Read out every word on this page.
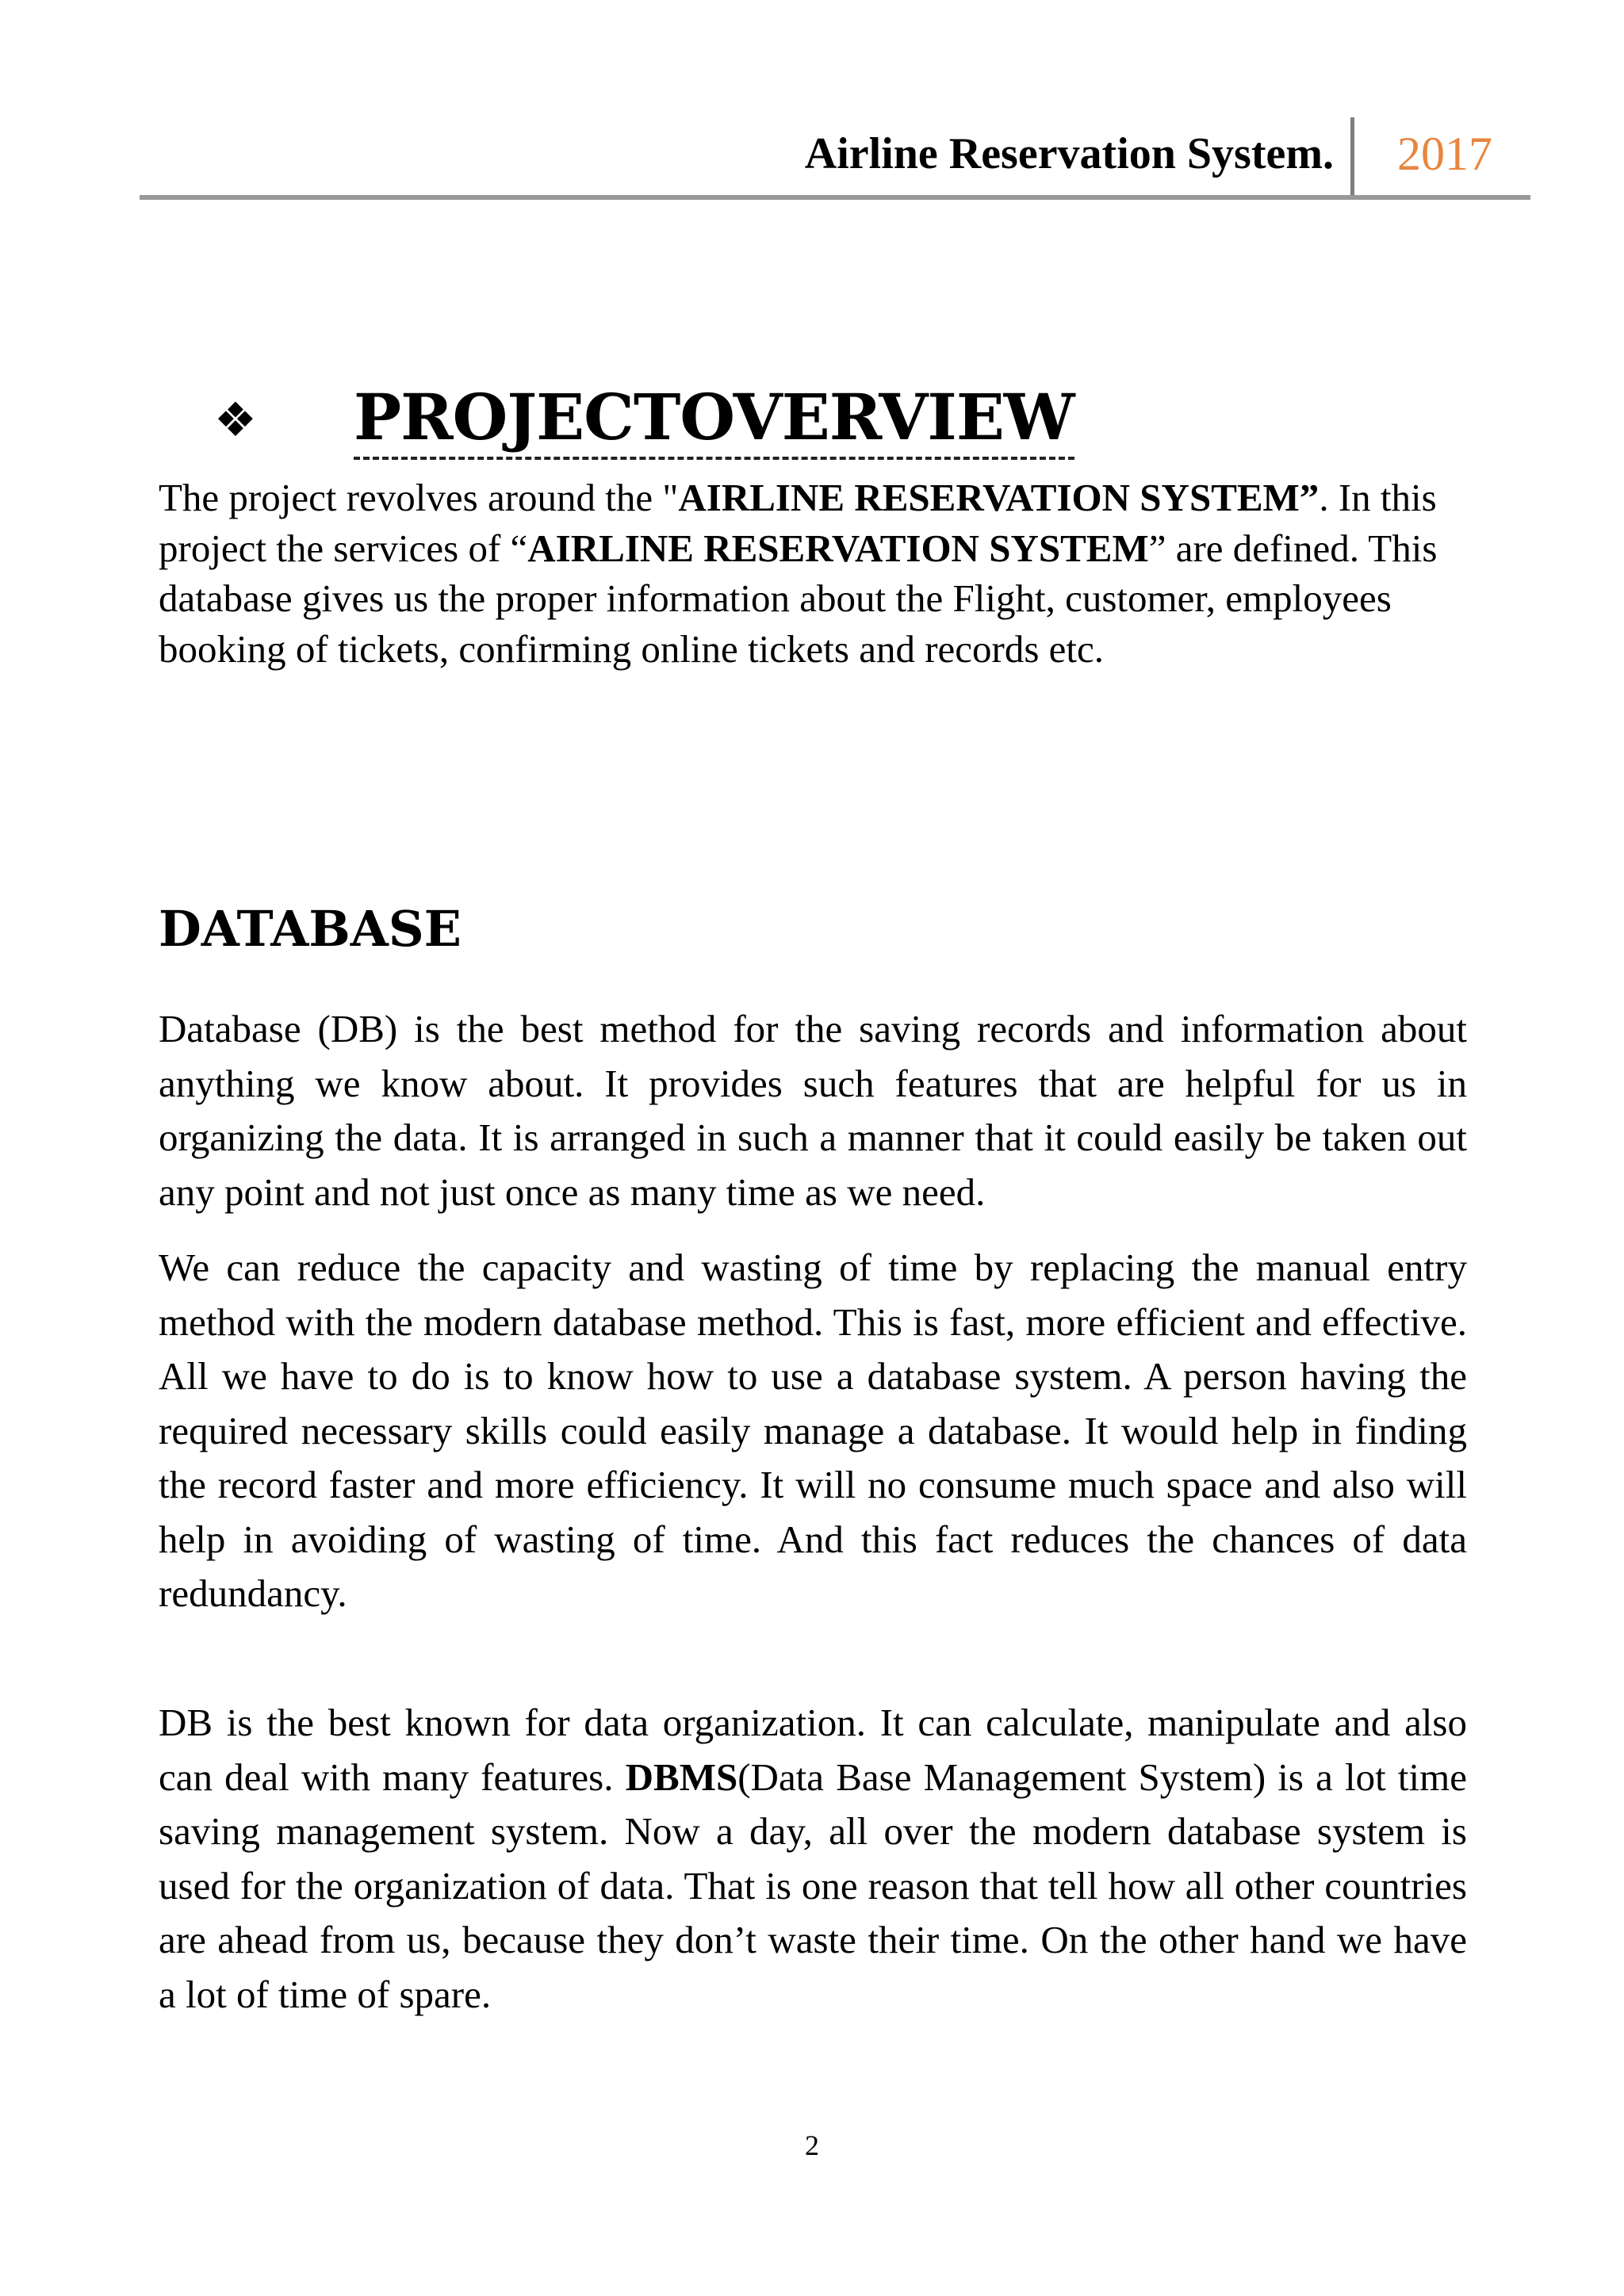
Airline Reservation System. 2017
❖ PROJECTOVERVIEW

The project revolves around the "AIRLINE RESERVATION SYSTEM”. In this project the services of “AIRLINE RESERVATION SYSTEM” are defined. This database gives us the proper information about the Flight, customer, employees booking of tickets, confirming online tickets and records etc.

DATABASE

Database (DB) is the best method for the saving records and information about anything we know about. It provides such features that are helpful for us in organizing the data. It is arranged in such a manner that it could easily be taken out any point and not just once as many time as we need.

We can reduce the capacity and wasting of time by replacing the manual entry method with the modern database method. This is fast, more efficient and effective. All we have to do is to know how to use a database system. A person having the required necessary skills could easily manage a database. It would help in finding the record faster and more efficiency. It will no consume much space and also will help in avoiding of wasting of time. And this fact reduces the chances of data redundancy.

DB is the best known for data organization. It can calculate, manipulate and also can deal with many features. DBMS(Data Base Management System) is a lot time saving management system. Now a day, all over the modern database system is used for the organization of data. That is one reason that tell how all other countries are ahead from us, because they don’t waste their time. On the other hand we have a lot of time of spare.

2
